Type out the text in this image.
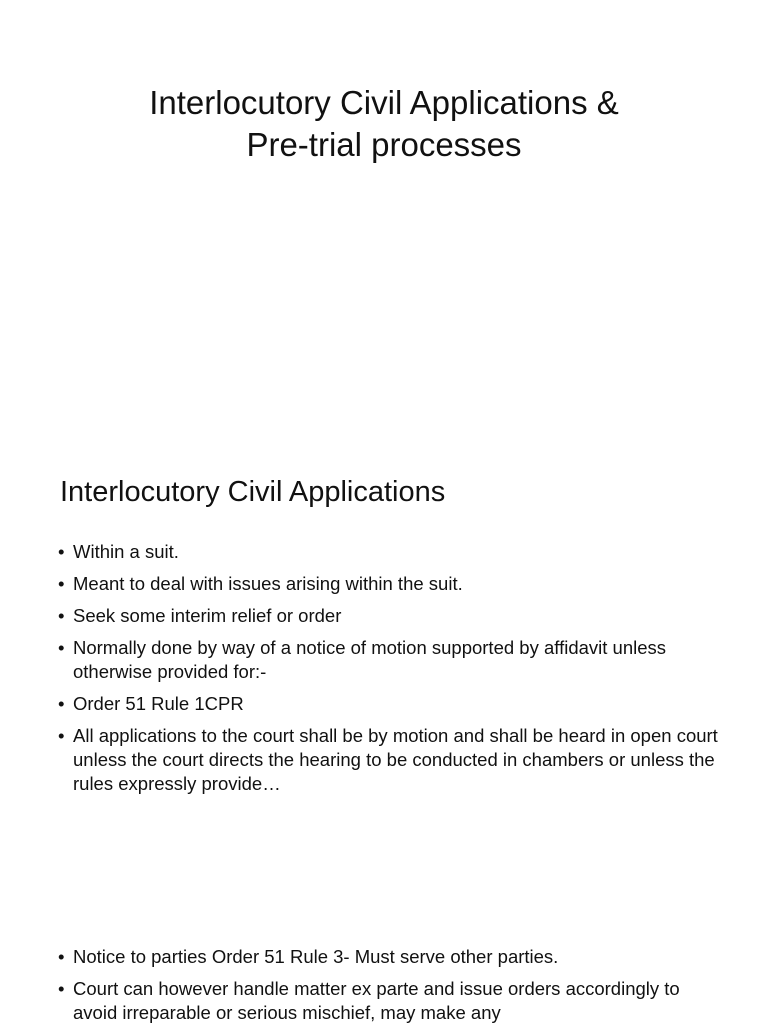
Interlocutory Civil Applications &
Pre-trial processes
Interlocutory Civil Applications
• Within a suit.
• Meant to deal with issues arising within the suit.
• Seek some interim relief or order
• Normally done by way of a notice of motion supported by affidavit unless otherwise provided for:-
• Order 51 Rule 1CPR
• All applications to the court shall be by motion and shall be heard in open court unless the court directs the hearing to be conducted in chambers or unless the rules expressly provide…
• Notice to parties Order 51 Rule 3- Must serve other parties.
• Court can however handle matter ex parte and issue orders accordingly to avoid irreparable or serious mischief, may make any
